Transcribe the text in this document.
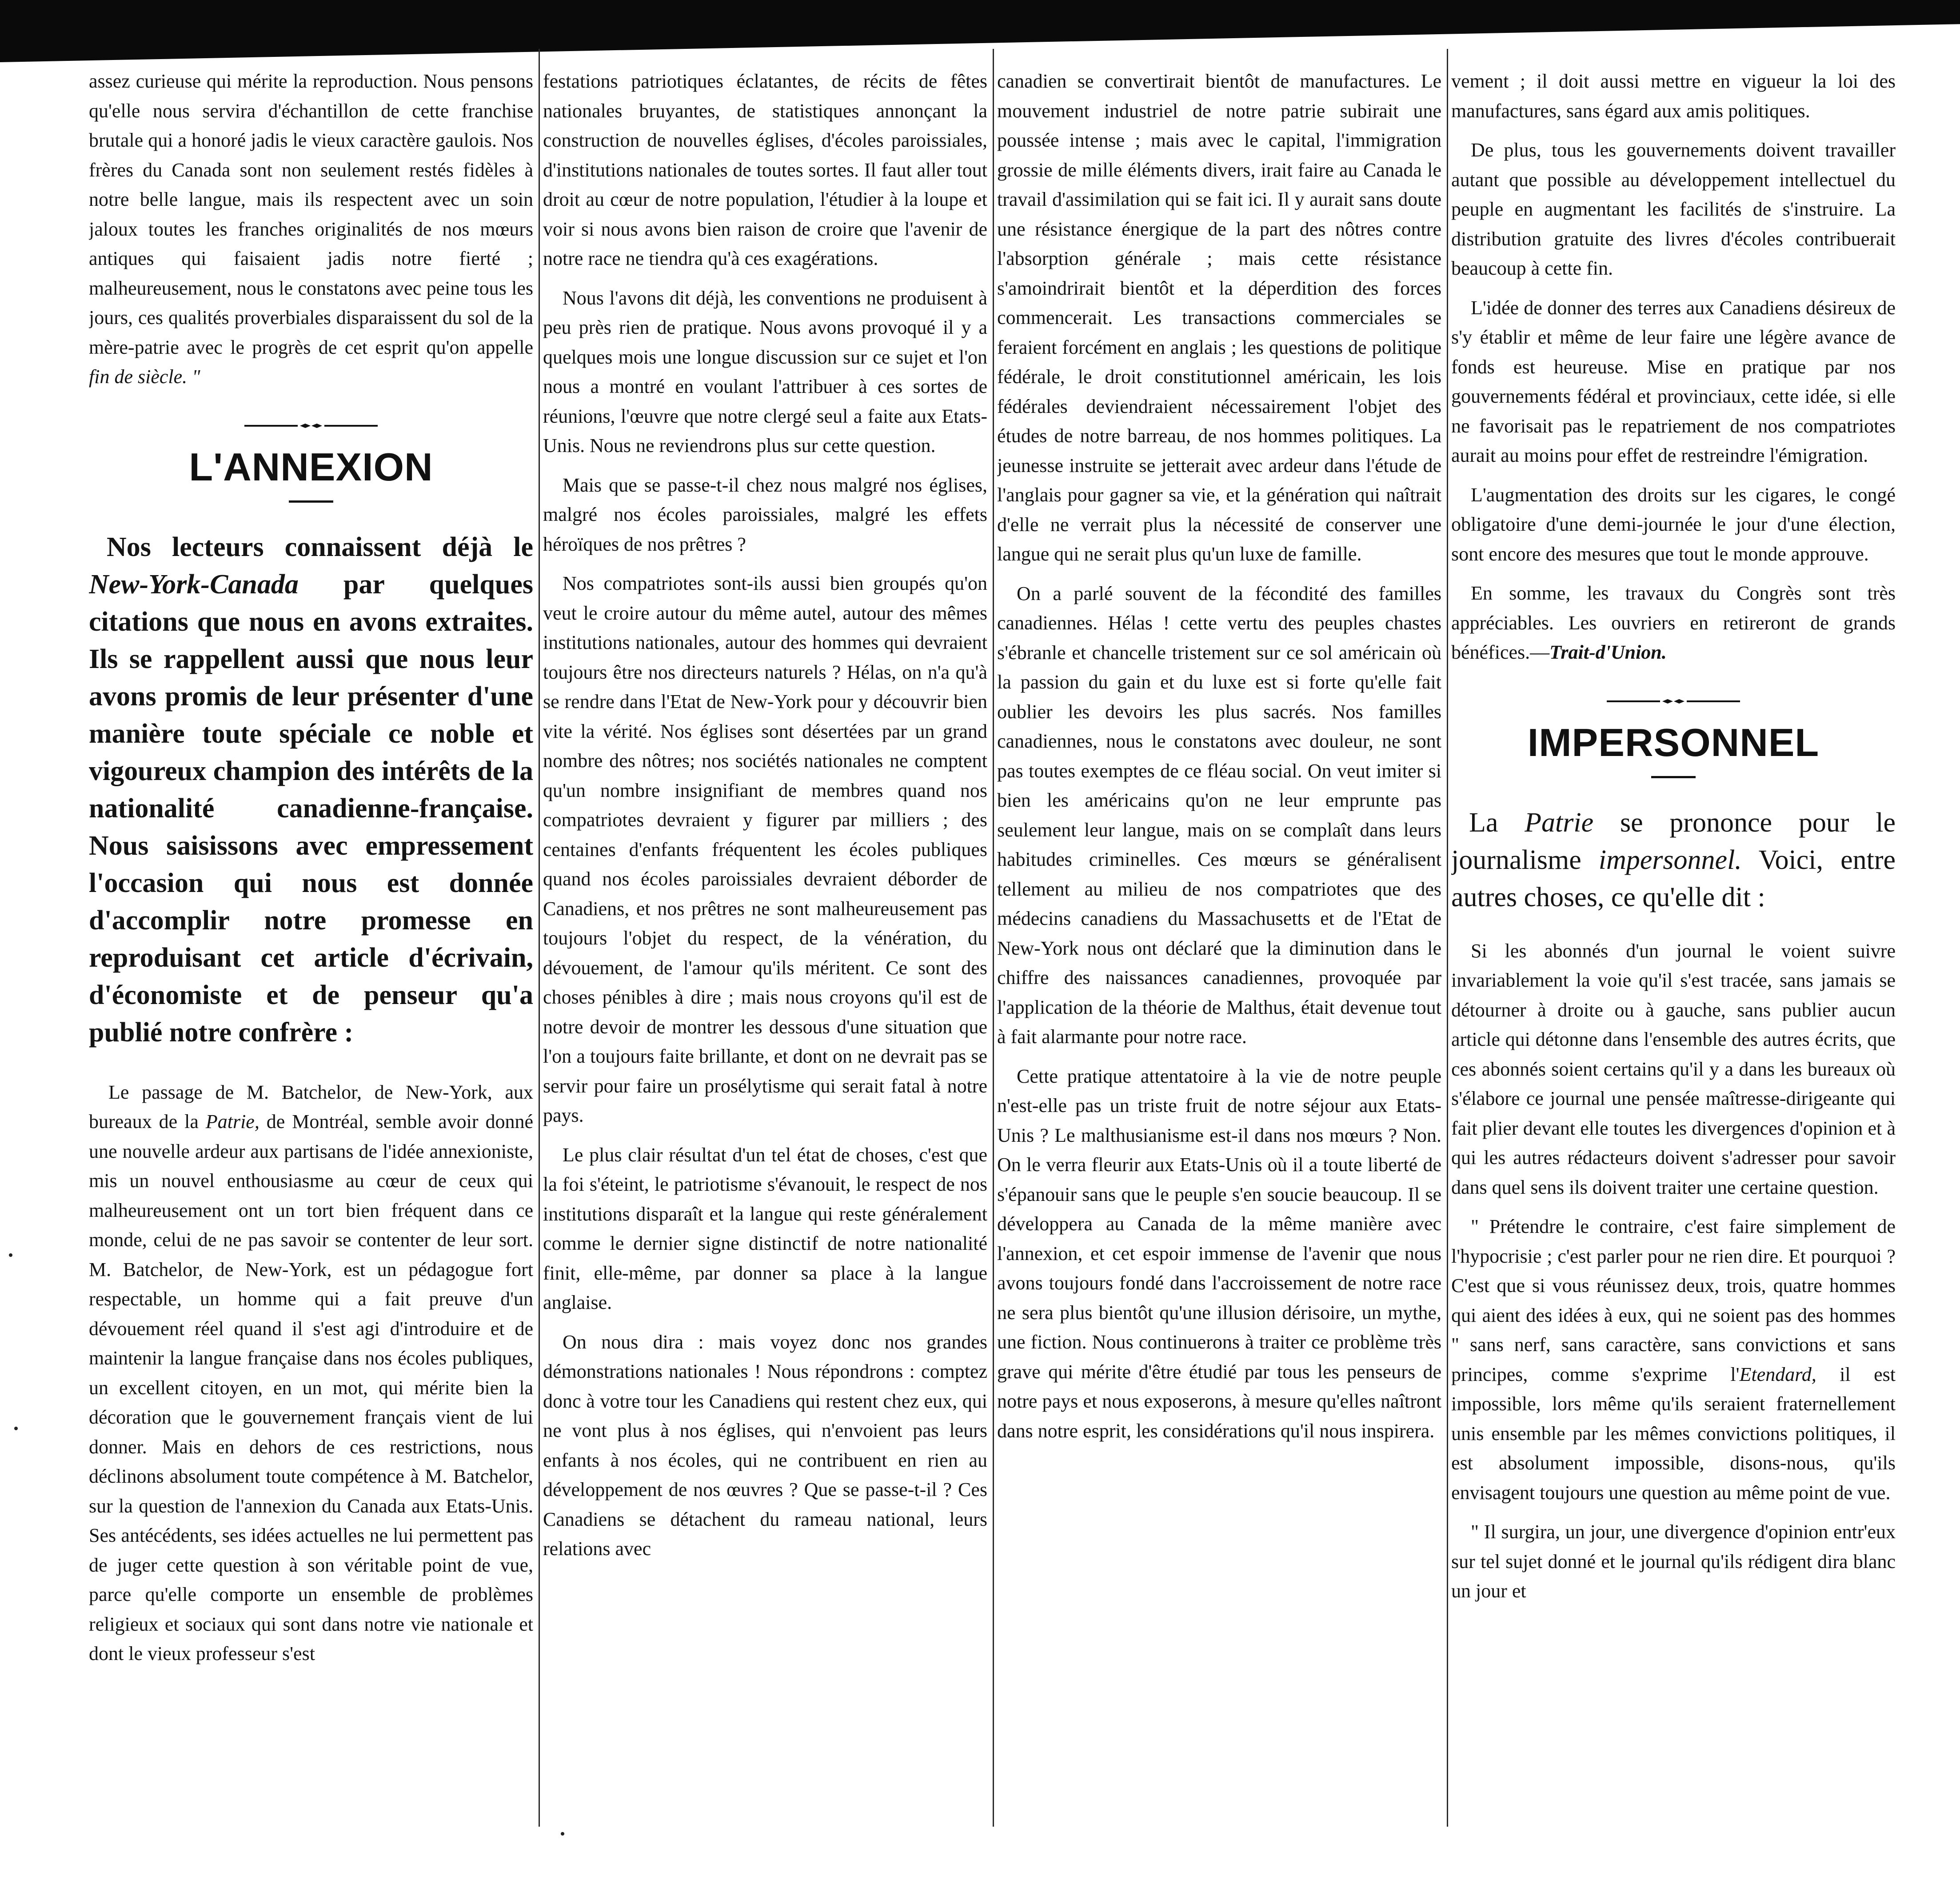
assez curieuse qui mérite la reproduction. Nous pensons qu'elle nous servira d'échantillon de cette franchise brutale qui a honoré jadis le vieux caractère gaulois. Nos frères du Canada sont non seulement restés fidèles à notre belle langue, mais ils respectent avec un soin jaloux toutes les franches originalités de nos mœurs antiques qui faisaient jadis notre fierté ; malheureusement, nous le constatons avec peine tous les jours, ces qualités proverbiales disparaissent du sol de la mère-patrie avec le progrès de cet esprit qu'on appelle fin de siècle. "

L'ANNEXION

Nos lecteurs connaissent déjà le New-York-Canada par quelques citations que nous en avons extraites. Ils se rappellent aussi que nous leur avons promis de leur présenter d'une manière toute spéciale ce noble et vigoureux champion des intérêts de la nationalité canadienne-française. Nous saisissons avec empressement l'occasion qui nous est donnée d'accomplir notre promesse en reproduisant cet article d'écrivain, d'économiste et de penseur qu'a publié notre confrère :

Le passage de M. Batchelor, de New-York, aux bureaux de la Patrie, de Montréal, semble avoir donné une nouvelle ardeur aux partisans de l'idée annexioniste, mis un nouvel enthousiasme au cœur de ceux qui malheureusement ont un tort bien fréquent dans ce monde, celui de ne pas savoir se contenter de leur sort. M. Batchelor, de New-York, est un pédagogue fort respectable, un homme qui a fait preuve d'un dévouement réel quand il s'est agi d'introduire et de maintenir la langue française dans nos écoles publiques, un excellent citoyen, en un mot, qui mérite bien la décoration que le gouvernement français vient de lui donner. Mais en dehors de ces restrictions, nous déclinons absolument toute compétence à M. Batchelor, sur la question de l'annexion du Canada aux Etats-Unis. Ses antécédents, ses idées actuelles ne lui permettent pas de juger cette question à son véritable point de vue, parce qu'elle comporte un ensemble de problèmes religieux et sociaux qui sont dans notre vie nationale et dont le vieux professeur s'est

festations patriotiques éclatantes, de récits de fêtes nationales bruyantes, de statistiques annonçant la construction de nouvelles églises, d'écoles paroissiales, d'institutions nationales de toutes sortes. Il faut aller tout droit au cœur de notre population, l'étudier à la loupe et voir si nous avons bien raison de croire que l'avenir de notre race ne tiendra qu'à ces exagérations.

Nous l'avons dit déjà, les conventions ne produisent à peu près rien de pratique. Nous avons provoqué il y a quelques mois une longue discussion sur ce sujet et l'on nous a montré en voulant l'attribuer à ces sortes de réunions, l'œuvre que notre clergé seul a faite aux Etats-Unis. Nous ne reviendrons plus sur cette question.

Mais que se passe-t-il chez nous malgré nos églises, malgré nos écoles paroissiales, malgré les effets héroïques de nos prêtres ?

Nos compatriotes sont-ils aussi bien groupés qu'on veut le croire autour du même autel, autour des mêmes institutions nationales, autour des hommes qui devraient toujours être nos directeurs naturels ? Hélas, on n'a qu'à se rendre dans l'Etat de New-York pour y découvrir bien vite la vérité. Nos églises sont désertées par un grand nombre des nôtres; nos sociétés nationales ne comptent qu'un nombre insignifiant de membres quand nos compatriotes devraient y figurer par milliers ; des centaines d'enfants fréquentent les écoles publiques quand nos écoles paroissiales devraient déborder de Canadiens, et nos prêtres ne sont malheureusement pas toujours l'objet du respect, de la vénération, du dévouement, de l'amour qu'ils méritent. Ce sont des choses pénibles à dire ; mais nous croyons qu'il est de notre devoir de montrer les dessous d'une situation que l'on a toujours faite brillante, et dont on ne devrait pas se servir pour faire un prosélytisme qui serait fatal à notre pays.

Le plus clair résultat d'un tel état de choses, c'est que la foi s'éteint, le patriotisme s'évanouit, le respect de nos institutions disparaît et la langue qui reste généralement comme le dernier signe distinctif de notre nationalité finit, elle-même, par donner sa place à la langue anglaise.

On nous dira : mais voyez donc nos grandes démonstrations nationales ! Nous répondrons : comptez donc à votre tour les Canadiens qui restent chez eux, qui ne vont plus à nos églises, qui n'envoient pas leurs enfants à nos écoles, qui ne contribuent en rien au développement de nos œuvres ? Que se passe-t-il ? Ces Canadiens se détachent du rameau national, leurs relations avec

canadien se convertirait bientôt de manufactures. Le mouvement industriel de notre patrie subirait une poussée intense ; mais avec le capital, l'immigration grossie de mille éléments divers, irait faire au Canada le travail d'assimilation qui se fait ici. Il y aurait sans doute une résistance énergique de la part des nôtres contre l'absorption générale ; mais cette résistance s'amoindrirait bientôt et la déperdition des forces commencerait. Les transactions commerciales se feraient forcément en anglais ; les questions de politique fédérale, le droit constitutionnel américain, les lois fédérales deviendraient nécessairement l'objet des études de notre barreau, de nos hommes politiques. La jeunesse instruite se jetterait avec ardeur dans l'étude de l'anglais pour gagner sa vie, et la génération qui naîtrait d'elle ne verrait plus la nécessité de conserver une langue qui ne serait plus qu'un luxe de famille.

On a parlé souvent de la fécondité des familles canadiennes. Hélas ! cette vertu des peuples chastes s'ébranle et chancelle tristement sur ce sol américain où la passion du gain et du luxe est si forte qu'elle fait oublier les devoirs les plus sacrés. Nos familles canadiennes, nous le constatons avec douleur, ne sont pas toutes exemptes de ce fléau social. On veut imiter si bien les américains qu'on ne leur emprunte pas seulement leur langue, mais on se complaît dans leurs habitudes criminelles. Ces mœurs se généralisent tellement au milieu de nos compatriotes que des médecins canadiens du Massachusetts et de l'Etat de New-York nous ont déclaré que la diminution dans le chiffre des naissances canadiennes, provoquée par l'application de la théorie de Malthus, était devenue tout à fait alarmante pour notre race.

Cette pratique attentatoire à la vie de notre peuple n'est-elle pas un triste fruit de notre séjour aux Etats-Unis ? Le malthusianisme est-il dans nos mœurs ? Non. On le verra fleurir aux Etats-Unis où il a toute liberté de s'épanouir sans que le peuple s'en soucie beaucoup. Il se développera au Canada de la même manière avec l'annexion, et cet espoir immense de l'avenir que nous avons toujours fondé dans l'accroissement de notre race ne sera plus bientôt qu'une illusion dérisoire, un mythe, une fiction. Nous continuerons à traiter ce problème très grave qui mérite d'être étudié par tous les penseurs de notre pays et nous exposerons, à mesure qu'elles naîtront dans notre esprit, les considérations qu'il nous inspirera.

vement ; il doit aussi mettre en vigueur la loi des manufactures, sans égard aux amis politiques.

De plus, tous les gouvernements doivent travailler autant que possible au développement intellectuel du peuple en augmentant les facilités de s'instruire. La distribution gratuite des livres d'écoles contribuerait beaucoup à cette fin.

L'idée de donner des terres aux Canadiens désireux de s'y établir et même de leur faire une légère avance de fonds est heureuse. Mise en pratique par nos gouvernements fédéral et provinciaux, cette idée, si elle ne favorisait pas le repatriement de nos compatriotes aurait au moins pour effet de restreindre l'émigration.

L'augmentation des droits sur les cigares, le congé obligatoire d'une demi-journée le jour d'une élection, sont encore des mesures que tout le monde approuve.

En somme, les travaux du Congrès sont très appréciables. Les ouvriers en retireront de grands bénéfices.—Trait-d'Union.

IMPERSONNEL

La Patrie se prononce pour le journalisme impersonnel. Voici, entre autres choses, ce qu'elle dit :

Si les abonnés d'un journal le voient suivre invariablement la voie qu'il s'est tracée, sans jamais se détourner à droite ou à gauche, sans publier aucun article qui détonne dans l'ensemble des autres écrits, que ces abonnés soient certains qu'il y a dans les bureaux où s'élabore ce journal une pensée maîtresse-dirigeante qui fait plier devant elle toutes les divergences d'opinion et à qui les autres rédacteurs doivent s'adresser pour savoir dans quel sens ils doivent traiter une certaine question.

" Prétendre le contraire, c'est faire simplement de l'hypocrisie ; c'est parler pour ne rien dire. Et pourquoi ? C'est que si vous réunissez deux, trois, quatre hommes qui aient des idées à eux, qui ne soient pas des hommes " sans nerf, sans caractère, sans convictions et sans principes, comme s'exprime l'Etendard, il est impossible, lors même qu'ils seraient fraternellement unis ensemble par les mêmes convictions politiques, il est absolument impossible, disons-nous, qu'ils envisagent toujours une question au même point de vue.

" Il surgira, un jour, une divergence d'opinion entr'eux sur tel sujet donné et le journal qu'ils rédigent dira blanc un jour et
